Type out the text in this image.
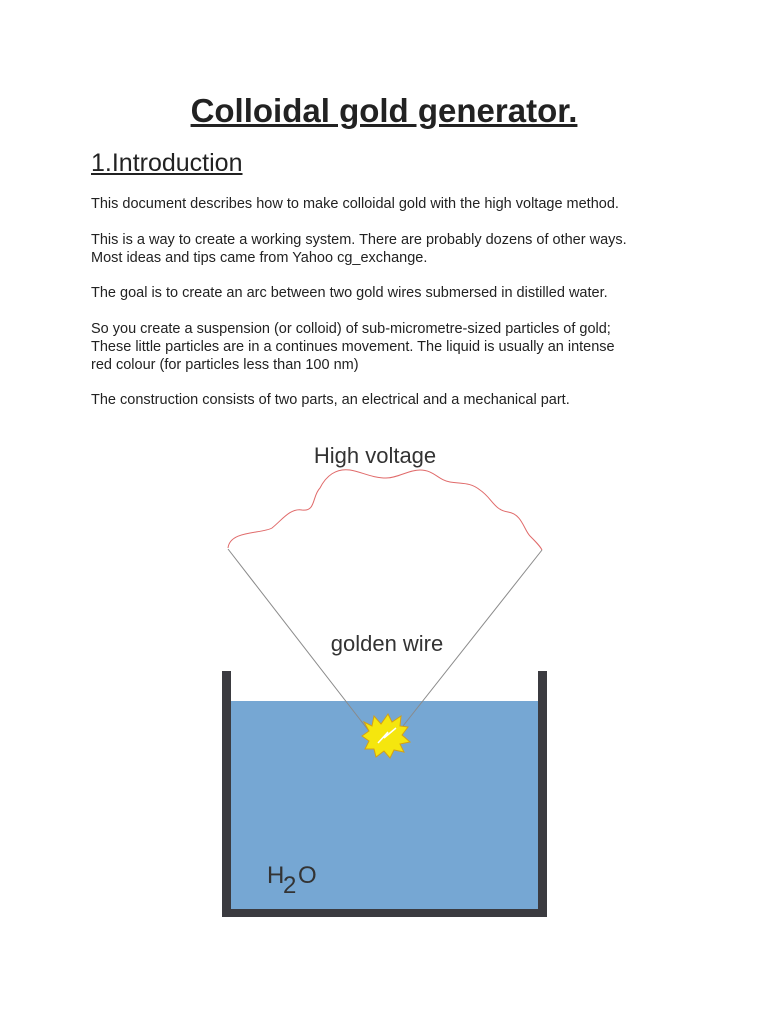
Colloidal gold generator.
1.Introduction

This document describes how to make colloidal gold with the high voltage method.

This is a way to create a working system. There are probably dozens of other ways.
Most ideas and tips came from Yahoo cg_exchange.

The goal is to create an arc between two gold wires submersed in distilled water.

So you create a suspension (or colloid) of sub-micrometre-sized particles of gold;
These little particles are in a continues movement. The liquid is usually an intense
red colour (for particles less than 100 nm)

The construction consists of two parts, an electrical and a mechanical part.

High voltage
golden wire
H
2 O
